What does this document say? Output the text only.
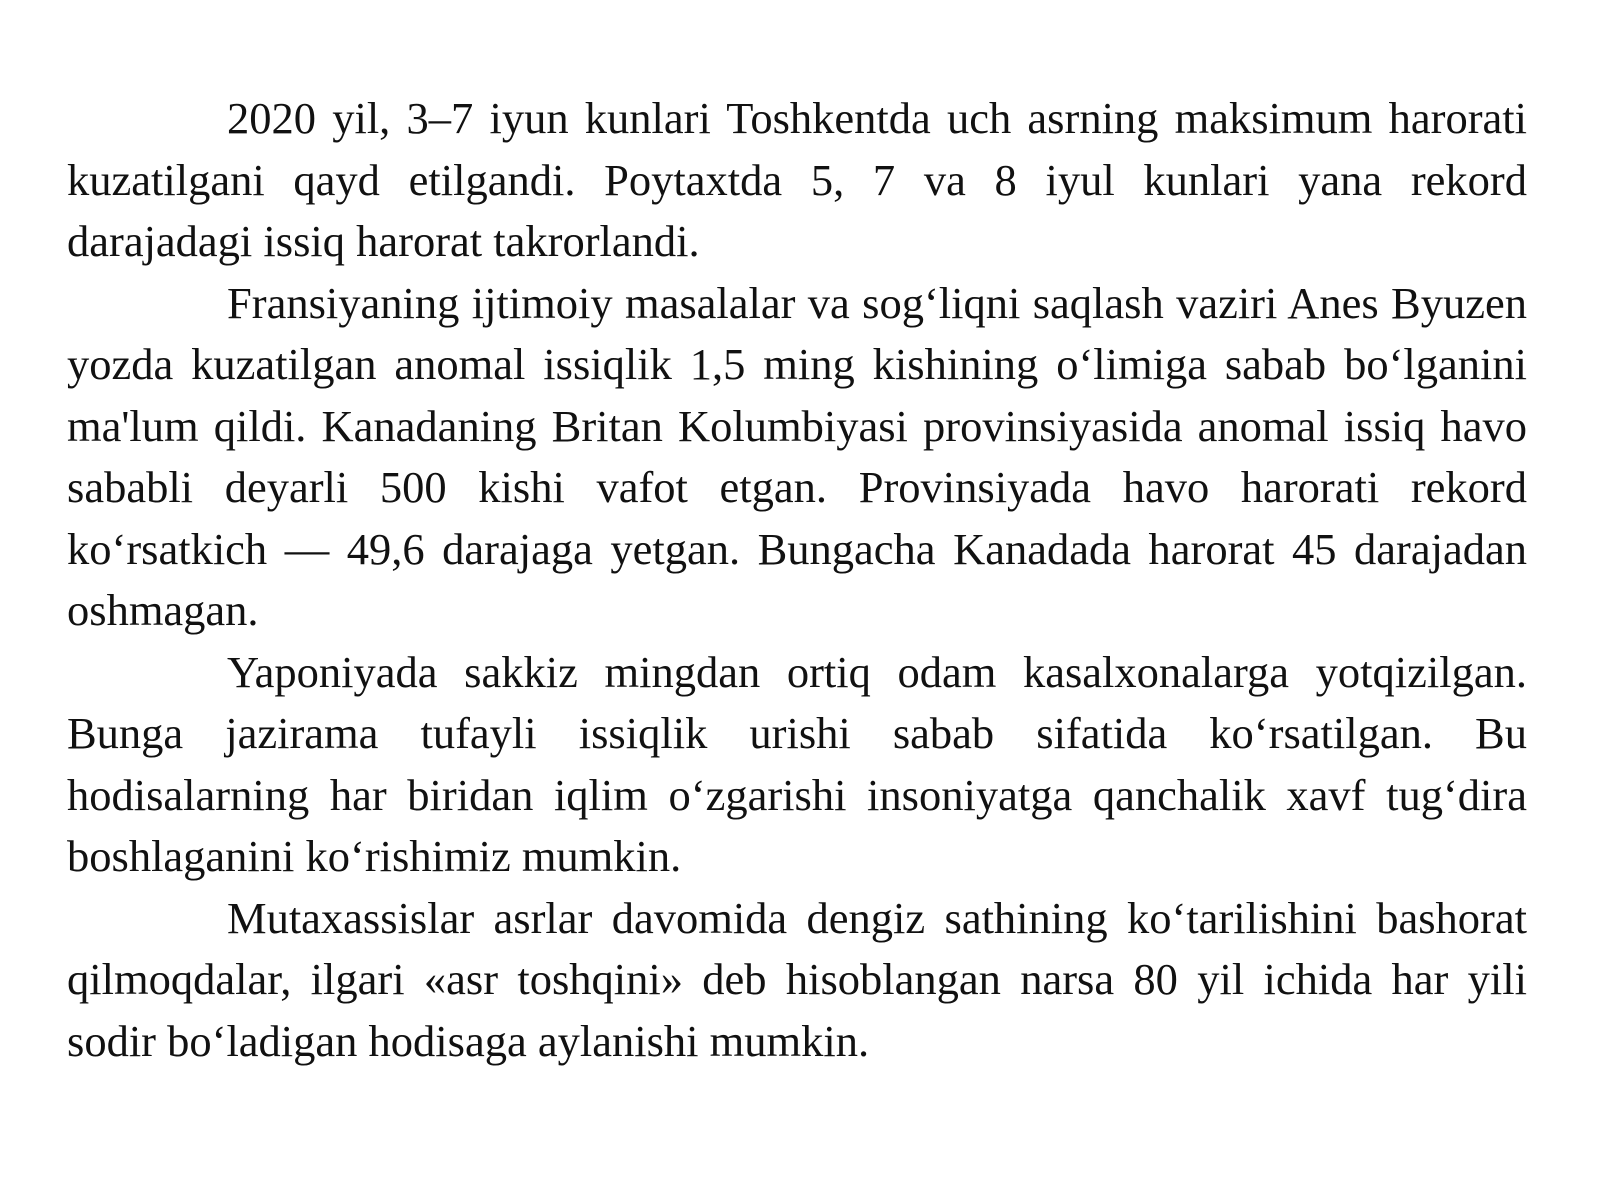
2020 yil, 3–7 iyun kunlari Toshkentda uch asrning maksimum harorati kuzatilgani qayd etilgandi. Poytaxtda 5, 7 va 8 iyul kunlari yana rekord darajadagi issiq harorat takrorlandi.

Fransiyaning ijtimoiy masalalar va sog‘liqni saqlash vaziri Anes Byuzen yozda kuzatilgan anomal issiqlik 1,5 ming kishining o‘limiga sabab bo‘lganini ma'lum qildi. Kanadaning Britan Kolumbiyasi provinsiyasida anomal issiq havo sababli deyarli 500 kishi vafot etgan. Provinsiyada havo harorati rekord ko‘rsatkich — 49,6 darajaga yetgan. Bungacha Kanadada harorat 45 darajadan oshmagan.

Yaponiyada sakkiz mingdan ortiq odam kasalxonalarga yotqizilgan. Bunga jazirama tufayli issiqlik urishi sabab sifatida ko‘rsatilgan. Bu hodisalarning har biridan iqlim o‘zgarishi insoniyatga qanchalik xavf tug‘dira boshlaganini ko‘rishimiz mumkin.

Mutaxassislar asrlar davomida dengiz sathining ko‘tarilishini bashorat qilmoqdalar, ilgari «asr toshqini» deb hisoblangan narsa 80 yil ichida har yili sodir bo‘ladigan hodisaga aylanishi mumkin.
